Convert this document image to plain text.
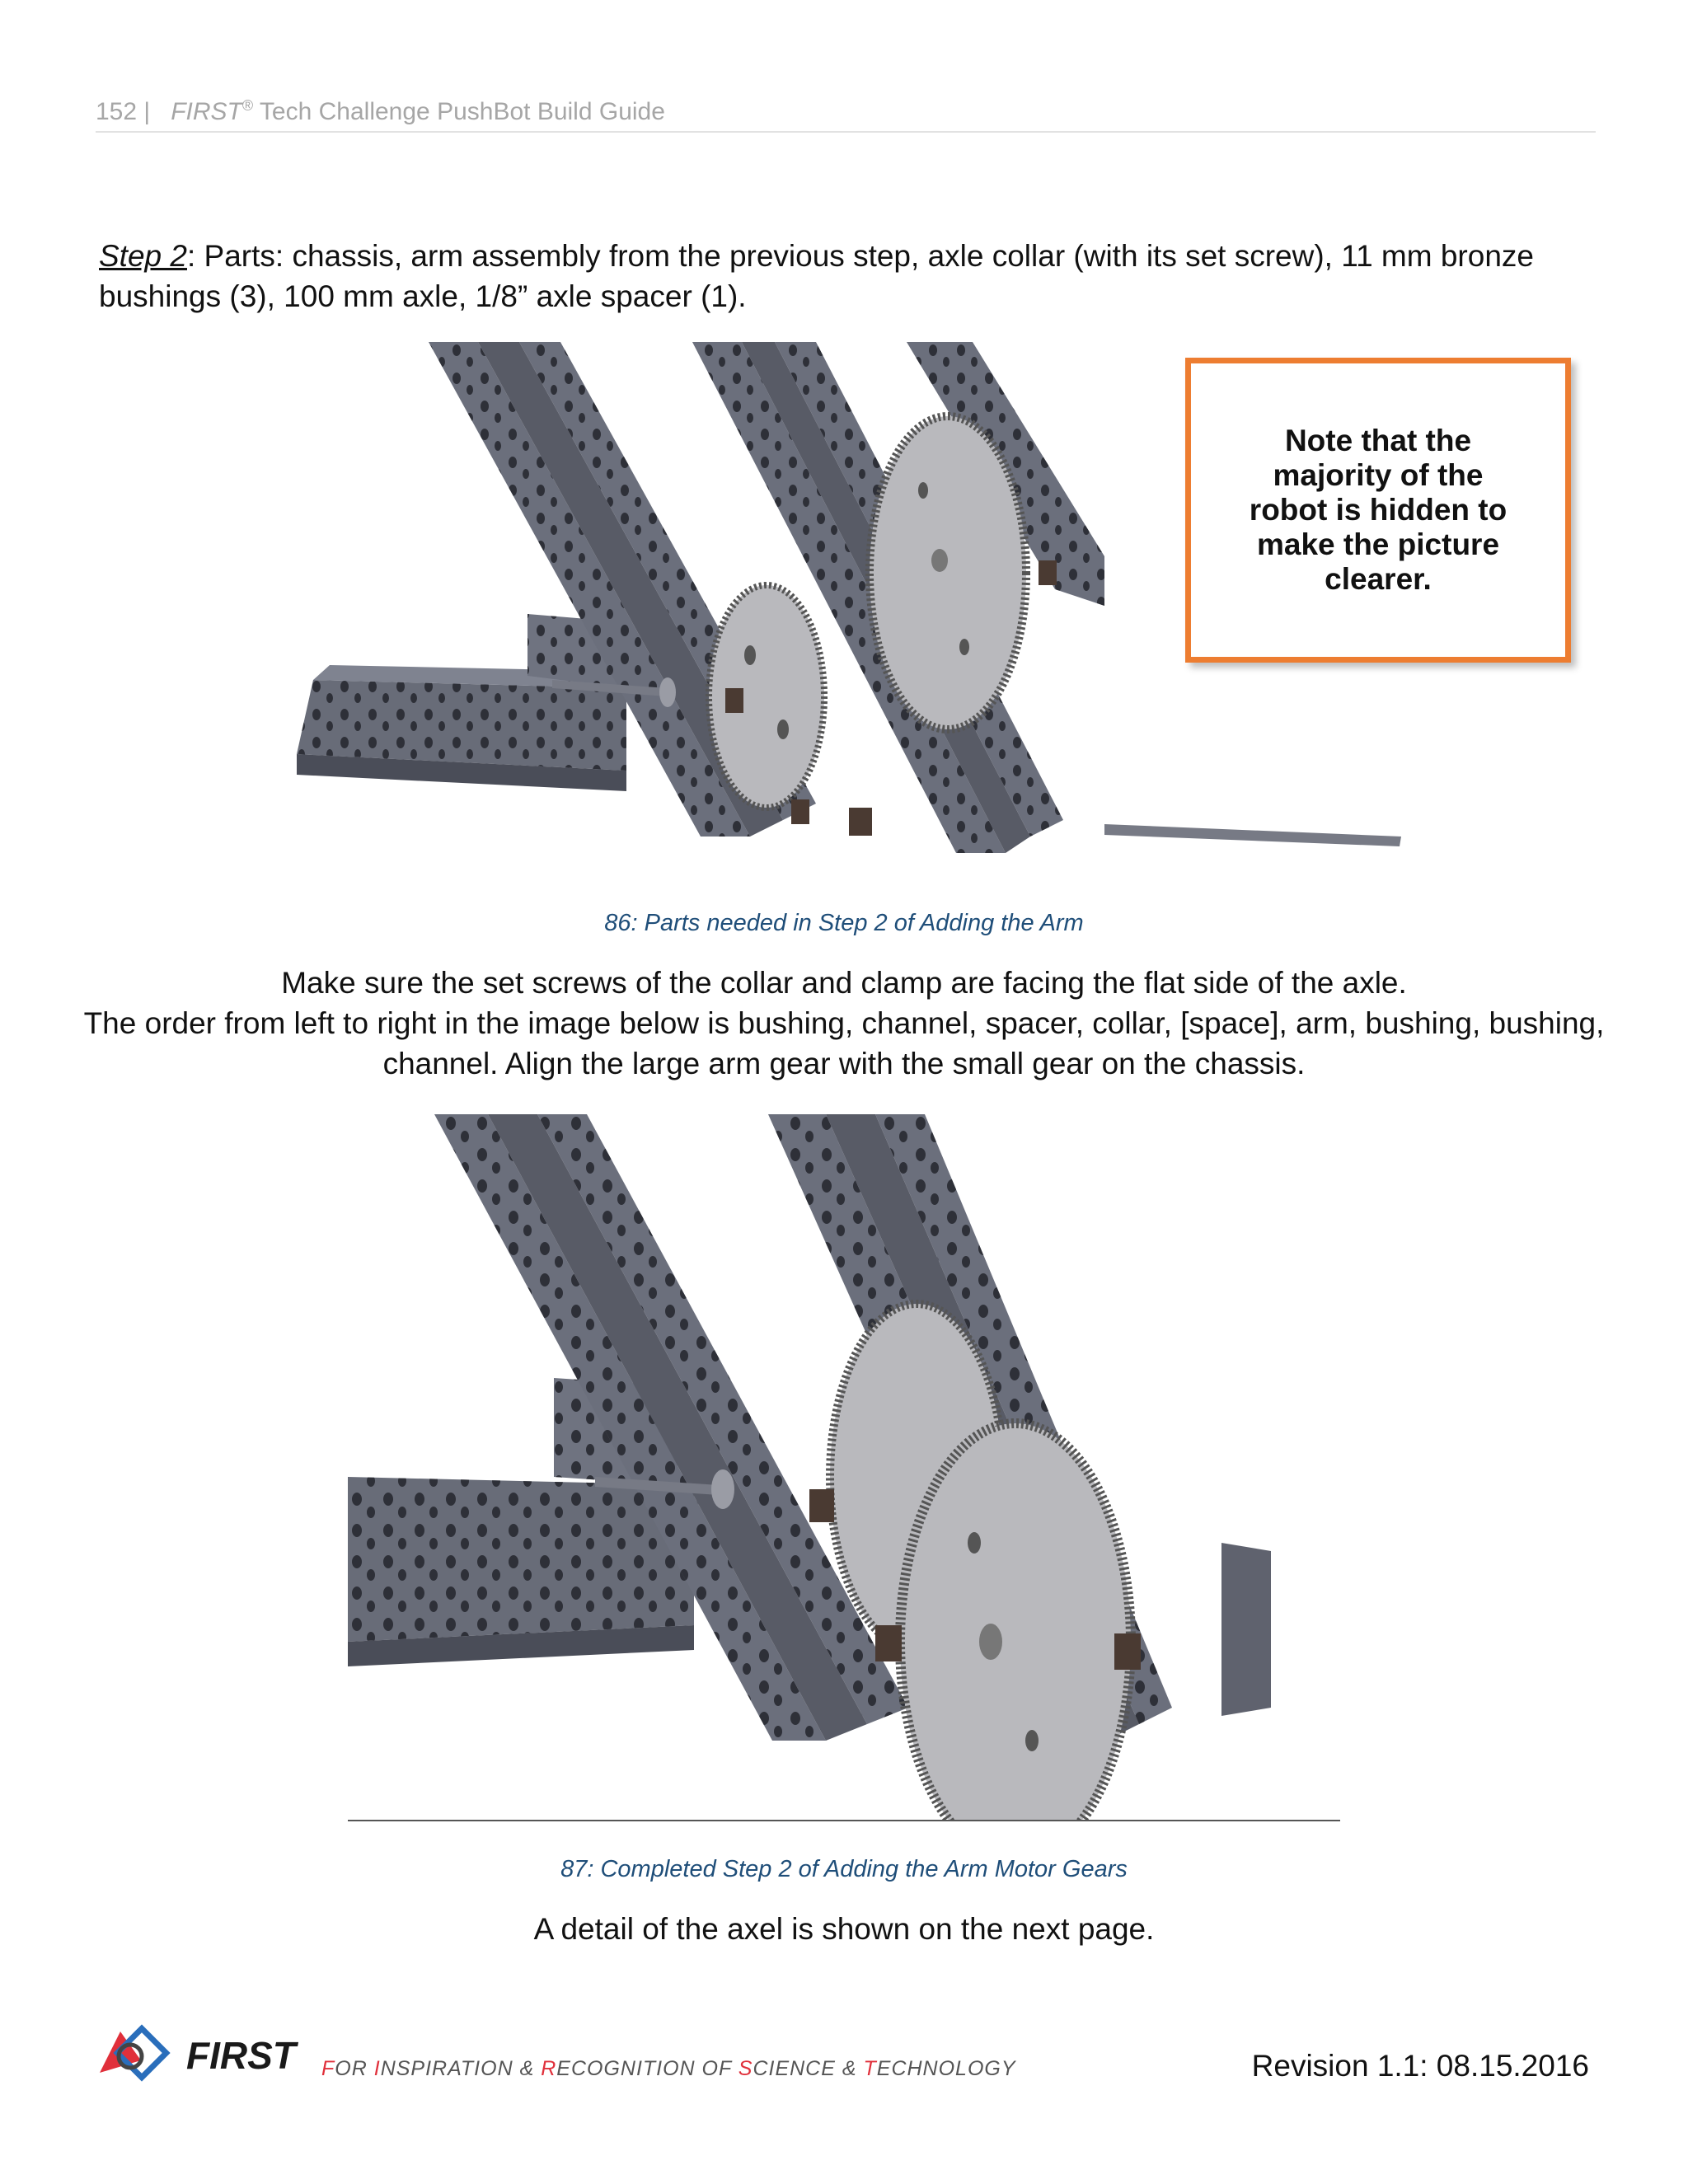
152 | FIRST® Tech Challenge PushBot Build Guide
Step 2: Parts: chassis, arm assembly from the previous step, axle collar (with its set screw), 11 mm bronze bushings (3), 100 mm axle, 1/8” axle spacer (1).
Note that the majority of the robot is hidden to make the picture clearer.
86: Parts needed in Step 2 of Adding the Arm
Make sure the set screws of the collar and clamp are facing the flat side of the axle.
The order from left to right in the image below is bushing, channel, spacer, collar, [space], arm, bushing, bushing, channel. Align the large arm gear with the small gear on the chassis.
87: Completed Step 2 of Adding the Arm Motor Gears
A detail of the axel is shown on the next page.
FIRST FOR INSPIRATION & RECOGNITION OF SCIENCE & TECHNOLOGY	Revision 1.1: 08.15.2016
